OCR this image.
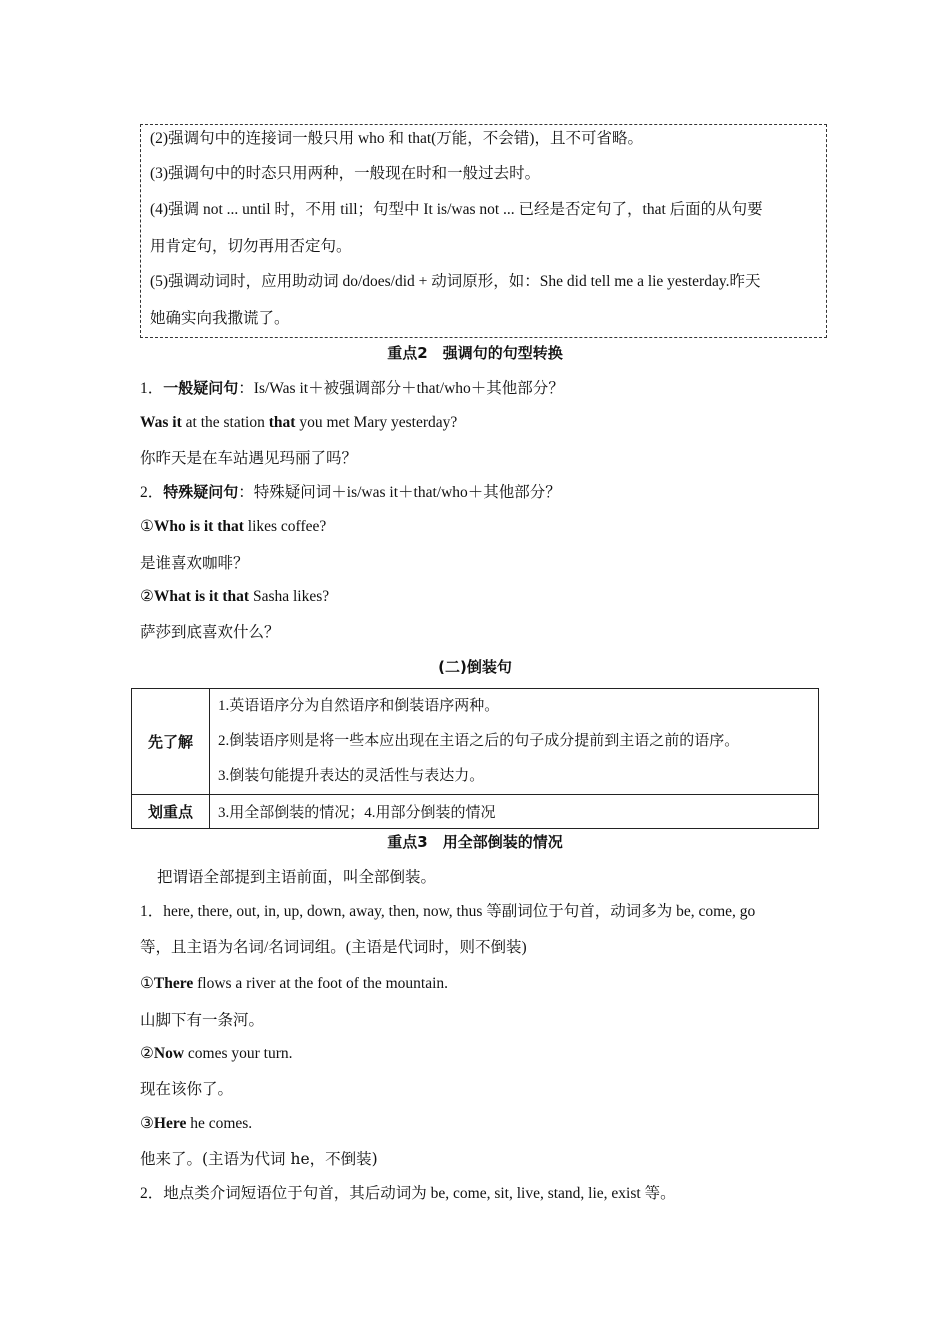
(2)强调句中的连接词一般只用 who 和 that(万能，不会错)，且不可省略。
(3)强调句中的时态只用两种，一般现在时和一般过去时。
(4)强调 not ... until 时，不用 till；句型中 It is/was not ... 已经是否定句了，that 后面的从句要
用肯定句，切勿再用否定句。
(5)强调动词时，应用助动词 do/does/did + 动词原形，如：She did tell me a lie yesterday.昨天
她确实向我撒谎了。
重点2　强调句的句型转换
1．一般疑问句：Is/Was it＋被强调部分＋that/who＋其他部分？
Was it at the station that you met Mary yesterday?
你昨天是在车站遇见玛丽了吗？
2．特殊疑问句：特殊疑问词＋is/was it＋that/who＋其他部分？
①Who is it that likes coffee?
是谁喜欢咖啡？
②What is it that Sasha likes?
萨莎到底喜欢什么？
(二)倒装句
先了解	1.英语语序分为自然语序和倒装语序两种。
2.倒装语序则是将一些本应出现在主语之后的句子成分提前到主语之前的语序。
3.倒装句能提升表达的灵活性与表达力。

划重点	3.用全部倒装的情况；4.用部分倒装的情况
重点3　用全部倒装的情况
把谓语全部提到主语前面，叫全部倒装。
1．here, there, out, in, up, down, away, then, now, thus 等副词位于句首，动词多为 be, come, go
等，且主语为名词/名词词组。(主语是代词时，则不倒装)
①There flows a river at the foot of the mountain.
山脚下有一条河。
②Now comes your turn.
现在该你了。
③Here he comes.
他来了。(主语为代词 he，不倒装)
2．地点类介词短语位于句首，其后动词为 be, come, sit, live, stand, lie, exist 等。
